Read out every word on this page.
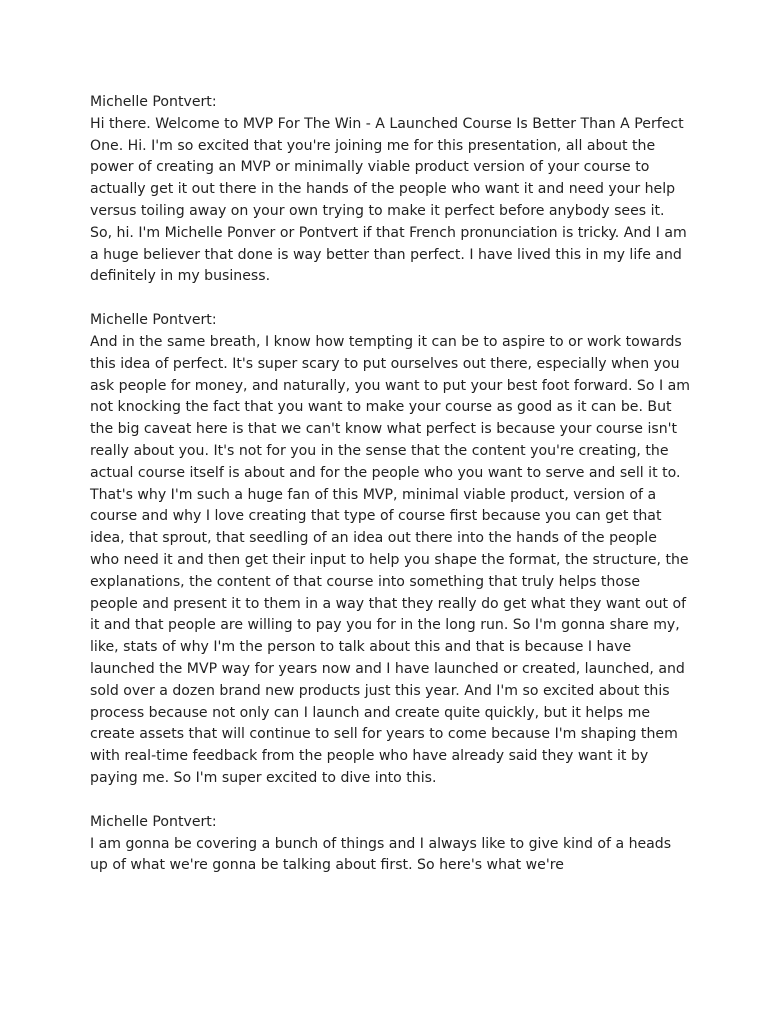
Michelle Pontvert:
Hi there. Welcome to MVP For The Win - A Launched Course Is Better Than A Perfect One. Hi. I'm so excited that you're joining me for this presentation, all about the power of creating an MVP or minimally viable product version of your course to actually get it out there in the hands of the people who want it and need your help versus toiling away on your own trying to make it perfect before anybody sees it. So, hi. I'm Michelle Ponver or Pontvert if that French pronunciation is tricky. And I am a huge believer that done is way better than perfect. I have lived this in my life and definitely in my business.
Michelle Pontvert:
And in the same breath, I know how tempting it can be to aspire to or work towards this idea of perfect. It's super scary to put ourselves out there, especially when you ask people for money, and naturally, you want to put your best foot forward. So I am not knocking the fact that you want to make your course as good as it can be. But the big caveat here is that we can't know what perfect is because your course isn't really about you. It's not for you in the sense that the content you're creating, the actual course itself is about and for the people who you want to serve and sell it to. That's why I'm such a huge fan of this MVP, minimal viable product, version of a course and why I love creating that type of course first because you can get that idea, that sprout, that seedling of an idea out there into the hands of the people who need it and then get their input to help you shape the format, the structure, the explanations, the content of that course into something that truly helps those people and present it to them in a way that they really do get what they want out of it and that people are willing to pay you for in the long run. So I'm gonna share my, like, stats of why I'm the person to talk about this and that is because I have launched the MVP way for years now and I have launched or created, launched, and sold over a dozen brand new products just this year. And I'm so excited about this process because not only can I launch and create quite quickly, but it helps me create assets that will continue to sell for years to come because I'm shaping them with real-time feedback from the people who have already said they want it by paying me. So I'm super excited to dive into this.
Michelle Pontvert:
I am gonna be covering a bunch of things and I always like to give kind of a heads up of what we're gonna be talking about first. So here's what we're
